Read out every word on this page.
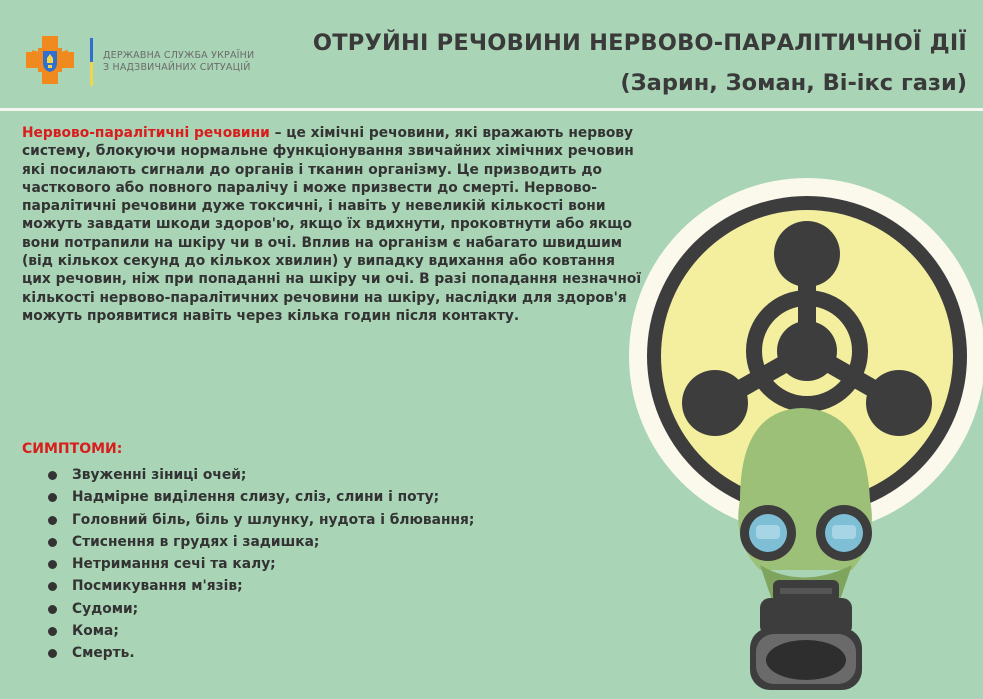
ДЕРЖАВНА СЛУЖБА УКРАЇНИ
З НАДЗВИЧАЙНИХ СИТУАЦІЙ
ОТРУЙНІ РЕЧОВИНИ НЕРВОВО-ПАРАЛІТИЧНОЇ ДІЇ
(Зарин, Зоман, Ві-ікс гази)
Нервово-паралітичні речовини – це хімічні речовини, які вражають нервову систему, блокуючи нормальне функціонування звичайних хімічних речовин які посилають сигнали до органів і тканин організму. Це призводить до часткового або повного паралічу і може призвести до смерті. Нервово-паралітичні речовини дуже токсичні, і навіть у невеликій кількості вони можуть завдати шкоди здоров'ю, якщо їх вдихнути, проковтнути або якщо вони потрапили на шкіру чи в очі. Вплив на організм є набагато швидшим (від кількох секунд до кількох хвилин) у випадку вдихання або ковтання цих речовин, ніж при попаданні на шкіру чи очі. В разі попадання незначної кількості нервово-паралітичних речовини на шкіру, наслідки для здоров'я можуть проявитися навіть через кілька годин після контакту.
СИМПТОМИ:
Звуженні зіниці очей;
Надмірне виділення слизу, сліз, слини і поту;
Головний біль, біль у шлунку, нудота і блювання;
Стиснення в грудях і задишка;
Нетримання сечі та калу;
Посмикування м'язів;
Судоми;
Кома;
Смерть.
